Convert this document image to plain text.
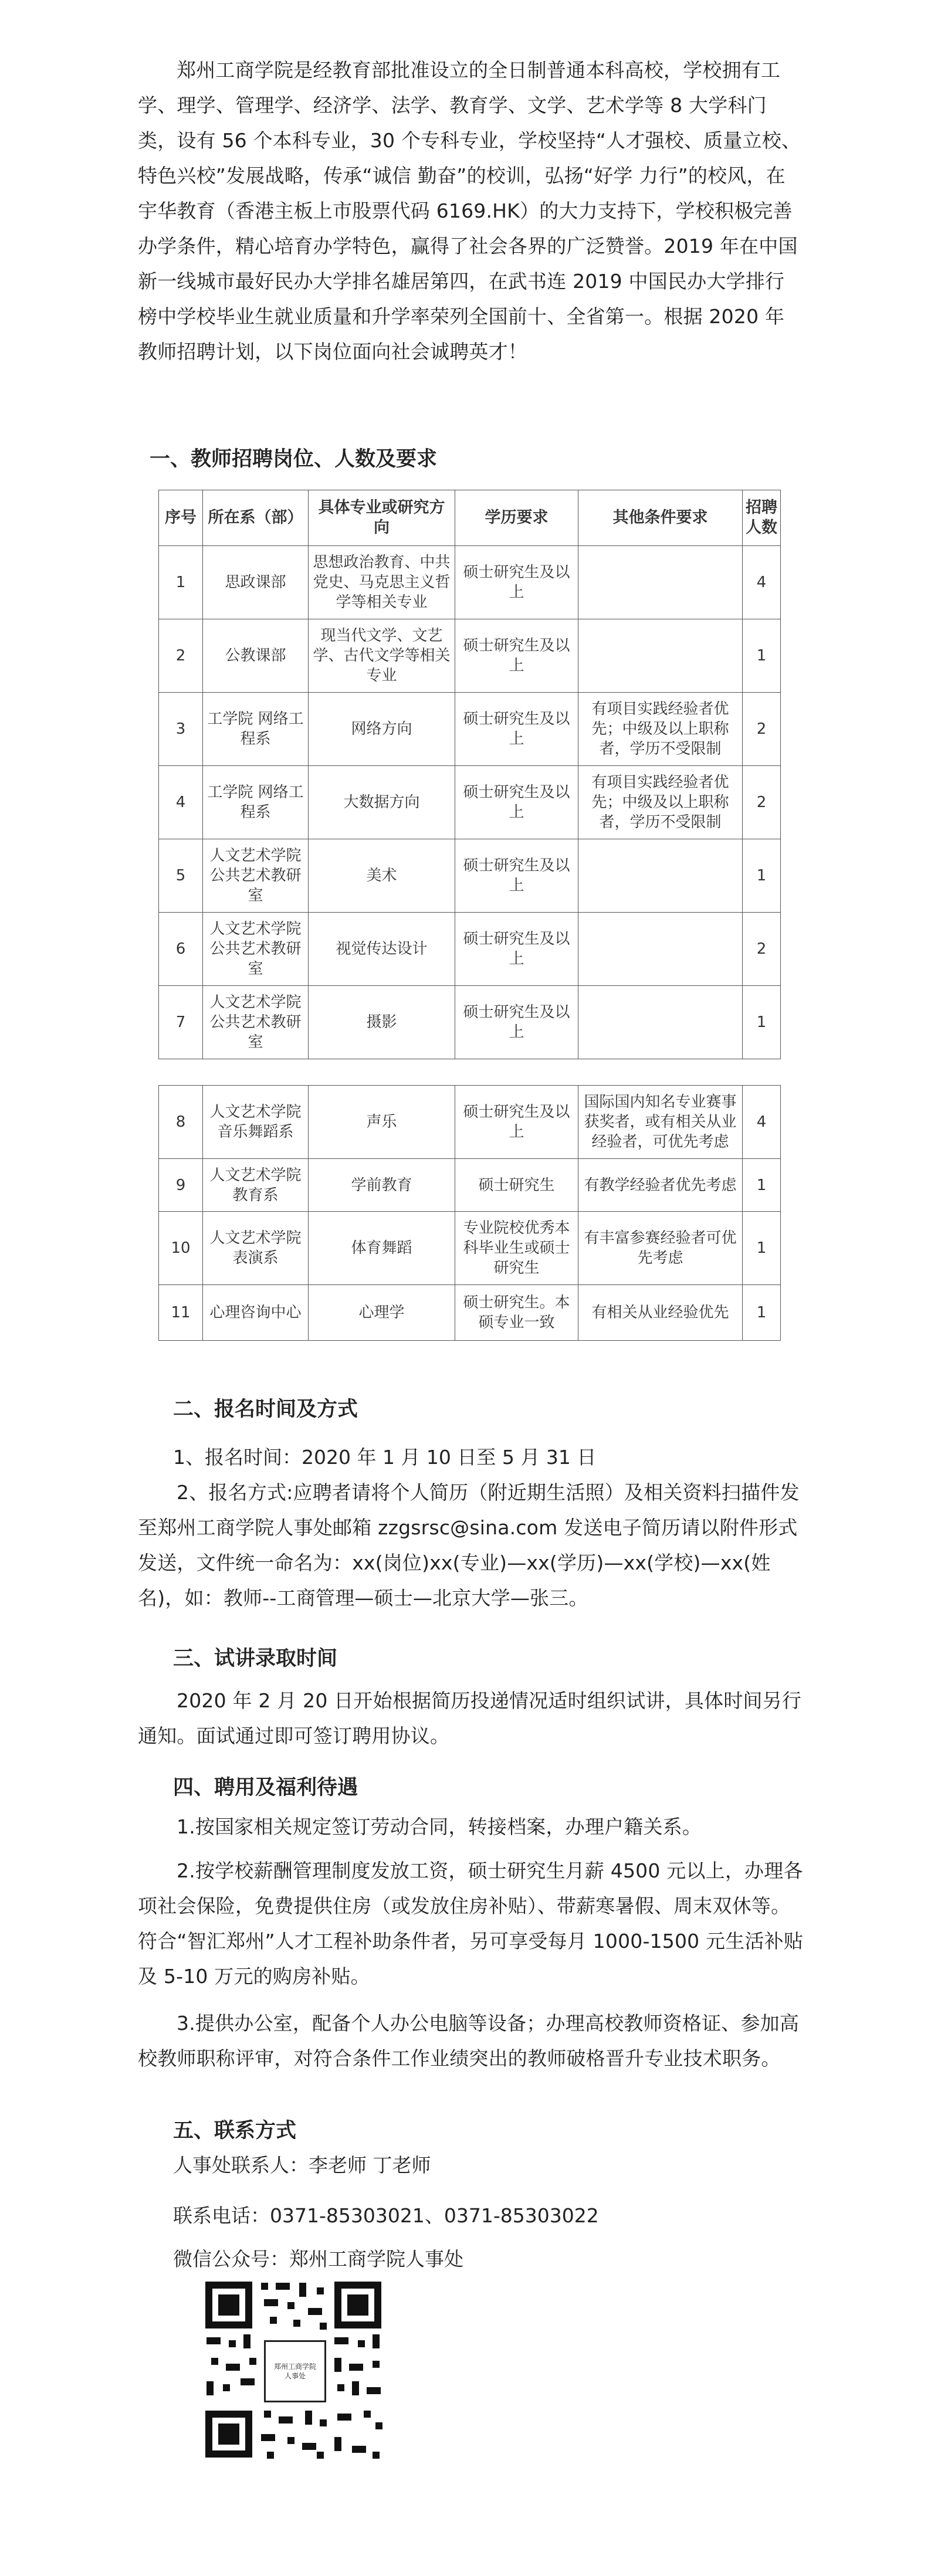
郑州工商学院是经教育部批准设立的全日制普通本科高校，学校拥有工学、理学、管理学、经济学、法学、教育学、文学、艺术学等 8 大学科门类，设有 56 个本科专业，30 个专科专业，学校坚持“人才强校、质量立校、特色兴校”发展战略，传承“诚信 勤奋”的校训，弘扬“好学 力行”的校风，在宇华教育（香港主板上市股票代码 6169.HK）的大力支持下，学校积极完善办学条件，精心培育办学特色，赢得了社会各界的广泛赞誉。2019 年在中国新一线城市最好民办大学排名雄居第四，在武书连 2019 中国民办大学排行榜中学校毕业生就业质量和升学率荣列全国前十、全省第一。根据 2020 年教师招聘计划，以下岗位面向社会诚聘英才！
一、教师招聘岗位、人数及要求
序号	所在系（部）	具体专业或研究方向	学历要求	其他条件要求	招聘人数
1	思政课部	思想政治教育、中共党史、马克思主义哲学等相关专业	硕士研究生及以上		4
2	公教课部	现当代文学、文艺学、古代文学等相关专业	硕士研究生及以上		1
3	工学院 网络工程系	网络方向	硕士研究生及以上	有项目实践经验者优先；中级及以上职称者，学历不受限制	2
4	工学院 网络工程系	大数据方向	硕士研究生及以上	有项目实践经验者优先；中级及以上职称者，学历不受限制	2
5	人文艺术学院 公共艺术教研室	美术	硕士研究生及以上		1
6	人文艺术学院 公共艺术教研室	视觉传达设计	硕士研究生及以上		2
7	人文艺术学院 公共艺术教研室	摄影	硕士研究生及以上		1
8	人文艺术学院 音乐舞蹈系	声乐	硕士研究生及以上	国际国内知名专业赛事获奖者，或有相关从业经验者，可优先考虑	4
9	人文艺术学院 教育系	学前教育	硕士研究生	有教学经验者优先考虑	1
10	人文艺术学院 表演系	体育舞蹈	专业院校优秀本科毕业生或硕士研究生	有丰富参赛经验者可优先考虑	1
11	心理咨询中心	心理学	硕士研究生。本硕专业一致	有相关从业经验优先	1
二、报名时间及方式
1、报名时间：2020 年 1 月 10 日至 5 月 31 日
2、报名方式:应聘者请将个人简历（附近期生活照）及相关资料扫描件发至郑州工商学院人事处邮箱 zzgsrsc@sina.com 发送电子简历请以附件形式发送，文件统一命名为：xx(岗位)xx(专业)—xx(学历)—xx(学校)—xx(姓名)，如：教师--工商管理—硕士—北京大学—张三。
三、试讲录取时间
2020 年 2 月 20 日开始根据简历投递情况适时组织试讲，具体时间另行通知。面试通过即可签订聘用协议。
四、聘用及福利待遇
1.按国家相关规定签订劳动合同，转接档案，办理户籍关系。
2.按学校薪酬管理制度发放工资，硕士研究生月薪 4500 元以上，办理各项社会保险，免费提供住房（或发放住房补贴）、带薪寒暑假、周末双休等。符合“智汇郑州”人才工程补助条件者，另可享受每月 1000-1500 元生活补贴及 5-10 万元的购房补贴。
3.提供办公室，配备个人办公电脑等设备；办理高校教师资格证、参加高校教师职称评审，对符合条件工作业绩突出的教师破格晋升专业技术职务。
五、联系方式
人事处联系人：李老师 丁老师
联系电话：0371-85303021、0371-85303022
微信公众号：郑州工商学院人事处
郑州工商学院
人事处
